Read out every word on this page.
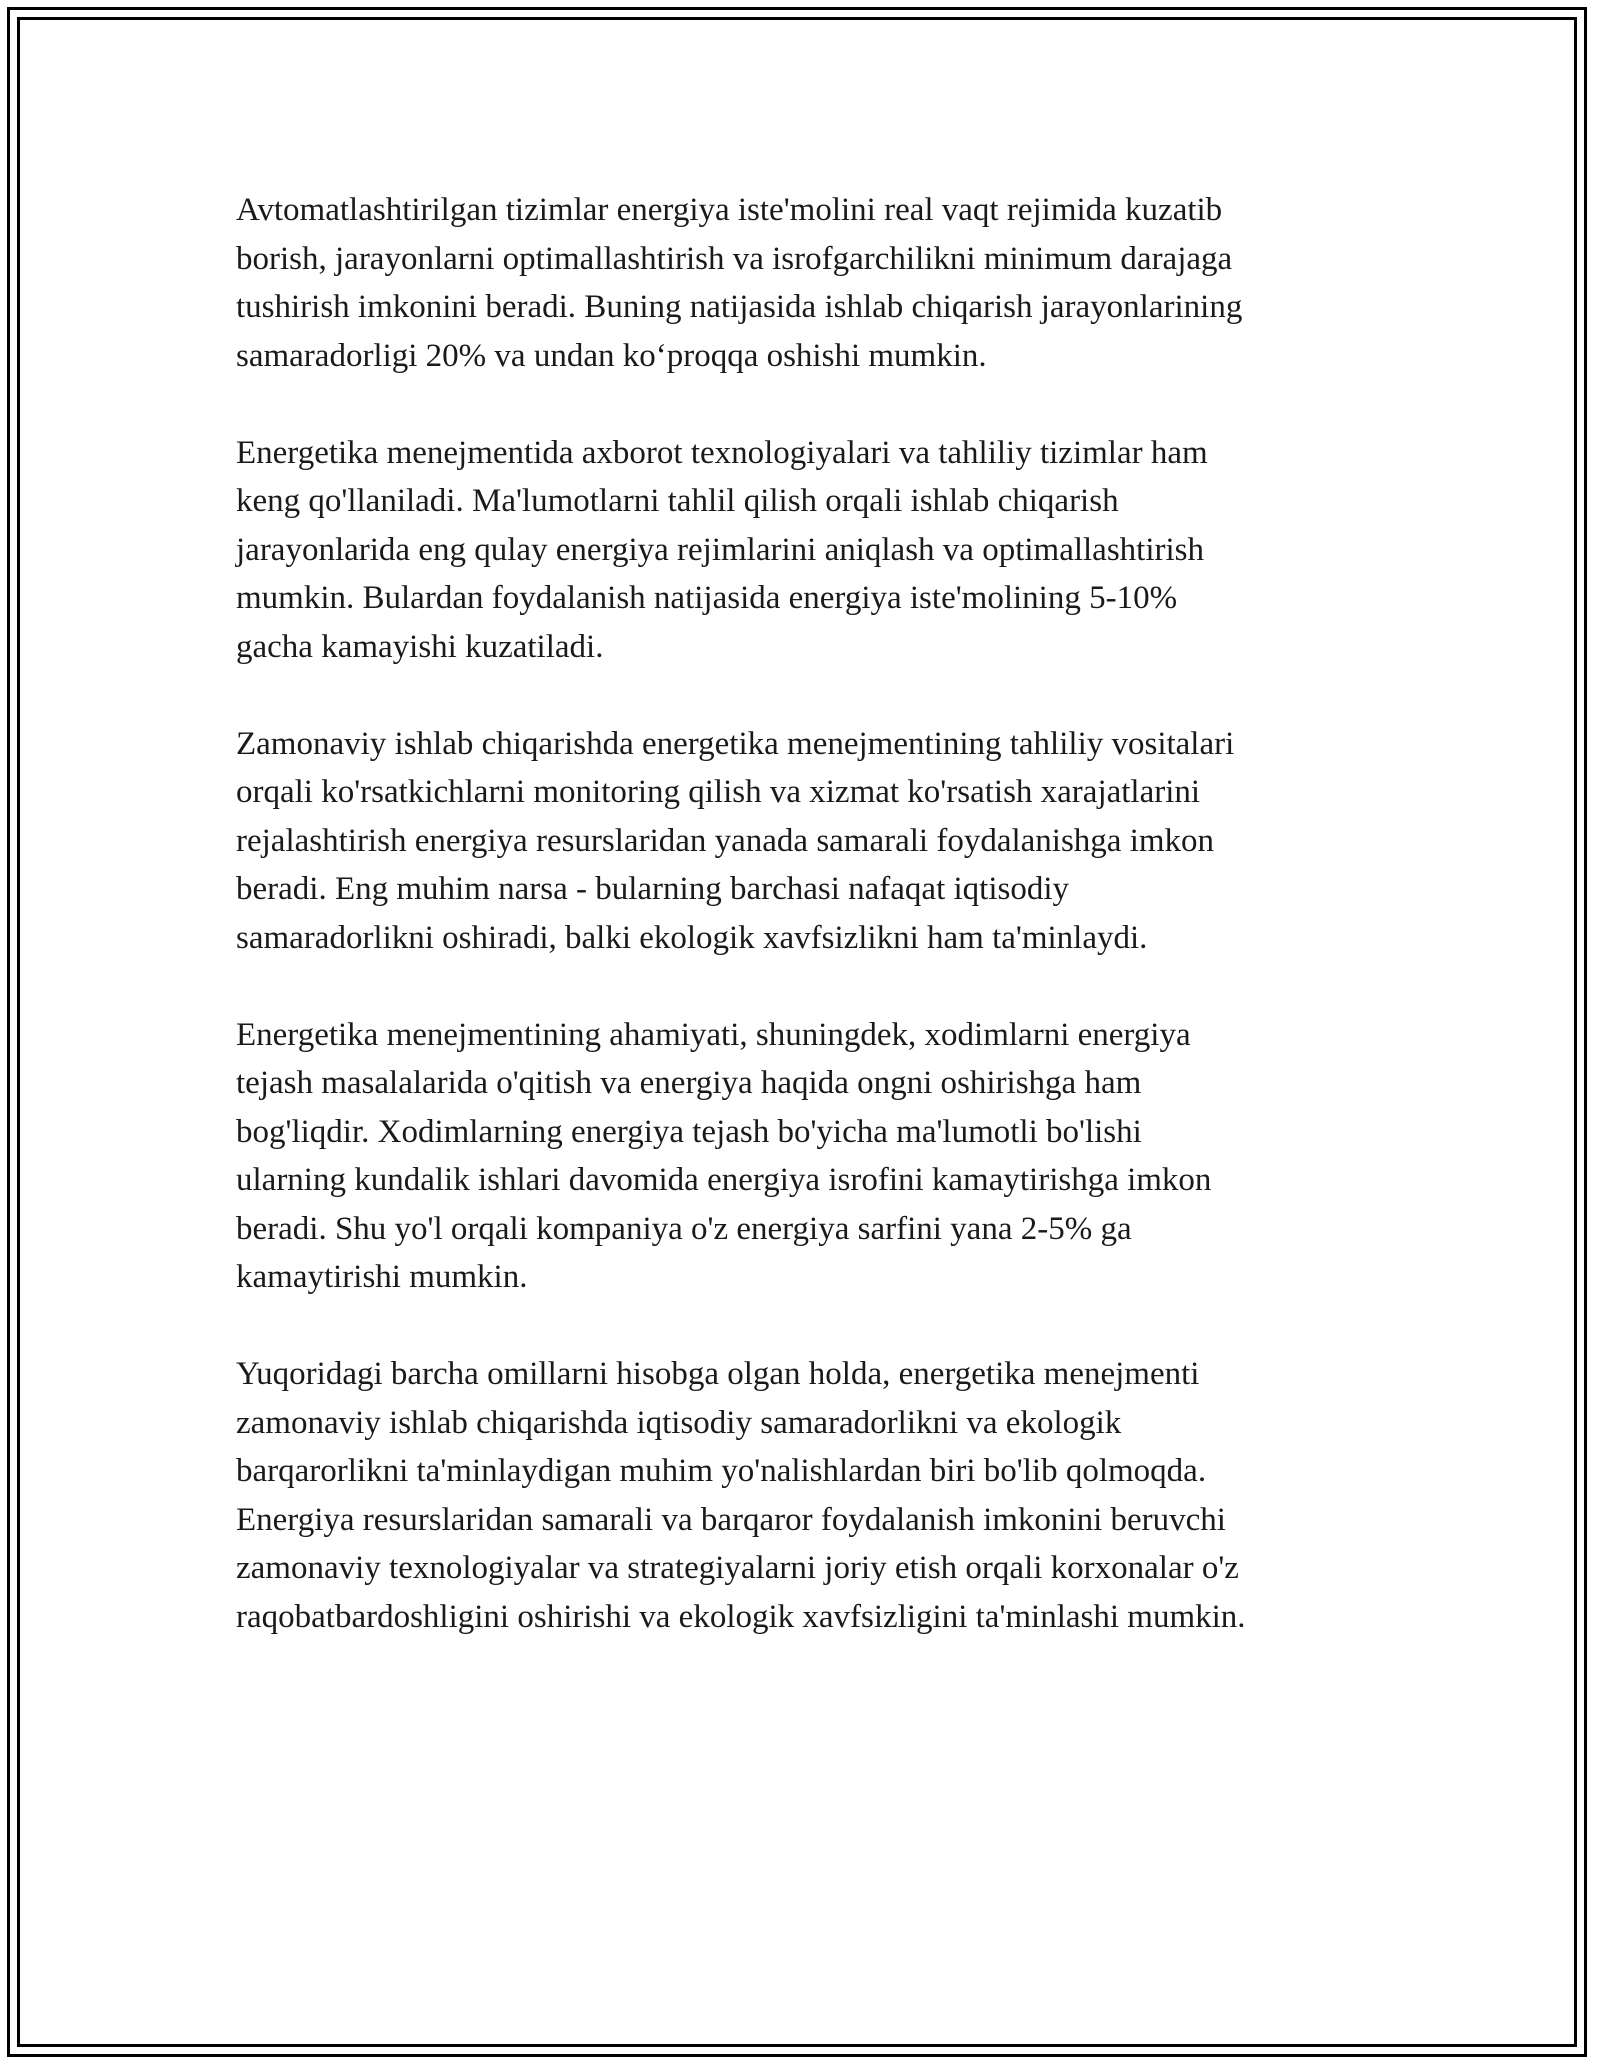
Avtomatlashtirilgan tizimlar energiya iste'molini real vaqt rejimida kuzatib
borish, jarayonlarni optimallashtirish va isrofgarchilikni minimum darajaga
tushirish imkonini beradi. Buning natijasida ishlab chiqarish jarayonlarining
samaradorligi 20% va undan ko‘proqqa oshishi mumkin.

Energetika menejmentida axborot texnologiyalari va tahliliy tizimlar ham
keng qo'llaniladi. Ma'lumotlarni tahlil qilish orqali ishlab chiqarish
jarayonlarida eng qulay energiya rejimlarini aniqlash va optimallashtirish
mumkin. Bulardan foydalanish natijasida energiya iste'molining 5-10%
gacha kamayishi kuzatiladi.

Zamonaviy ishlab chiqarishda energetika menejmentining tahliliy vositalari
orqali ko'rsatkichlarni monitoring qilish va xizmat ko'rsatish xarajatlarini
rejalashtirish energiya resurslaridan yanada samarali foydalanishga imkon
beradi. Eng muhim narsa - bularning barchasi nafaqat iqtisodiy
samaradorlikni oshiradi, balki ekologik xavfsizlikni ham ta'minlaydi.

Energetika menejmentining ahamiyati, shuningdek, xodimlarni energiya
tejash masalalarida o'qitish va energiya haqida ongni oshirishga ham
bog'liqdir. Xodimlarning energiya tejash bo'yicha ma'lumotli bo'lishi
ularning kundalik ishlari davomida energiya isrofini kamaytirishga imkon
beradi. Shu yo'l orqali kompaniya o'z energiya sarfini yana 2-5% ga
kamaytirishi mumkin.

Yuqoridagi barcha omillarni hisobga olgan holda, energetika menejmenti
zamonaviy ishlab chiqarishda iqtisodiy samaradorlikni va ekologik
barqarorlikni ta'minlaydigan muhim yo'nalishlardan biri bo'lib qolmoqda.
Energiya resurslaridan samarali va barqaror foydalanish imkonini beruvchi
zamonaviy texnologiyalar va strategiyalarni joriy etish orqali korxonalar o'z
raqobatbardoshligini oshirishi va ekologik xavfsizligini ta'minlashi mumkin.
